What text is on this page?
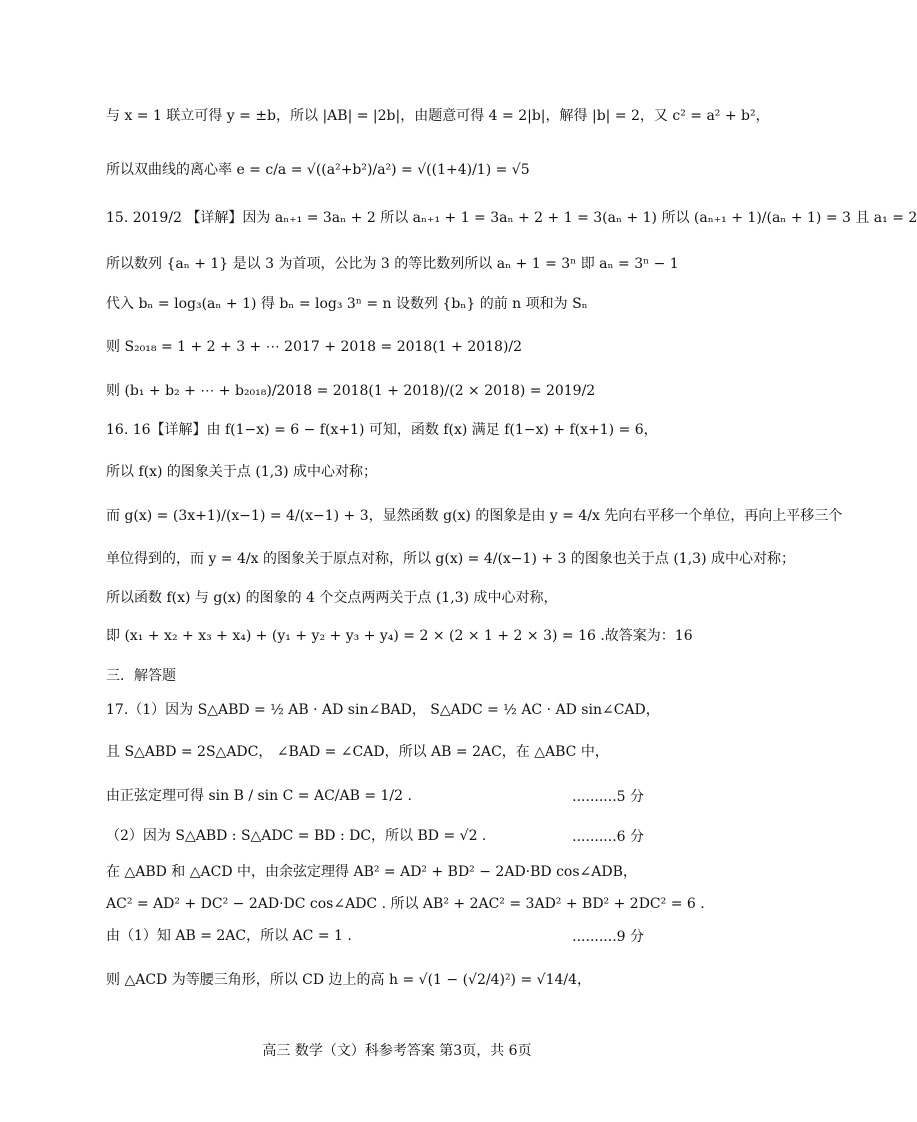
与 x = 1 联立可得 y = ±b，所以 |AB| = |2b|，由题意可得 4 = 2|b|，解得 |b| = 2，又 c² = a² + b²，
所以双曲线的离心率 e = c/a = √((a²+b²)/a²) = √((1+4)/1) = √5
15. 2019/2 【详解】因为 aₙ₊₁ = 3aₙ + 2 所以 aₙ₊₁ + 1 = 3aₙ + 2 + 1 = 3(aₙ + 1) 所以 (aₙ₊₁ + 1)/(aₙ + 1) = 3 且 a₁ = 2
所以数列 {aₙ + 1} 是以 3 为首项，公比为 3 的等比数列所以 aₙ + 1 = 3ⁿ 即 aₙ = 3ⁿ − 1
代入 bₙ = log₃(aₙ + 1) 得 bₙ = log₃ 3ⁿ = n 设数列 {bₙ} 的前 n 项和为 Sₙ
则 S₂₀₁₈ = 1 + 2 + 3 + ⋯ 2017 + 2018 = 2018(1 + 2018)/2
则 (b₁ + b₂ + ⋯ + b₂₀₁₈)/2018 = 2018(1 + 2018)/(2 × 2018) = 2019/2
16. 16【详解】由 f(1−x) = 6 − f(x+1) 可知，函数 f(x) 满足 f(1−x) + f(x+1) = 6，
所以 f(x) 的图象关于点 (1,3) 成中心对称；
而 g(x) = (3x+1)/(x−1) = 4/(x−1) + 3，显然函数 g(x) 的图象是由 y = 4/x 先向右平移一个单位，再向上平移三个
单位得到的，而 y = 4/x 的图象关于原点对称，所以 g(x) = 4/(x−1) + 3 的图象也关于点 (1,3) 成中心对称；
所以函数 f(x) 与 g(x) 的图象的 4 个交点两两关于点 (1,3) 成中心对称，
即 (x₁ + x₂ + x₃ + x₄) + (y₁ + y₂ + y₃ + y₄) = 2 × (2 × 1 + 2 × 3) = 16 .故答案为：16
三．解答题
17.（1）因为 S△ABD = ½ AB · AD sin∠BAD， S△ADC = ½ AC · AD sin∠CAD，
且 S△ABD = 2S△ADC， ∠BAD = ∠CAD，所以 AB = 2AC，在 △ABC 中，
由正弦定理可得 sin B / sin C = AC/AB = 1/2 .	..........5 分
（2）因为 S△ABD : S△ADC = BD : DC，所以 BD = √2 .	..........6 分
在 △ABD 和 △ACD 中，由余弦定理得 AB² = AD² + BD² − 2AD·BD cos∠ADB，
AC² = AD² + DC² − 2AD·DC cos∠ADC . 所以 AB² + 2AC² = 3AD² + BD² + 2DC² = 6 .
由（1）知 AB = 2AC，所以 AC = 1 .	..........9 分
则 △ACD 为等腰三角形，所以 CD 边上的高 h = √(1 − (√2/4)²) = √14/4，
高三 数学（文）科参考答案 第3页，共 6页
